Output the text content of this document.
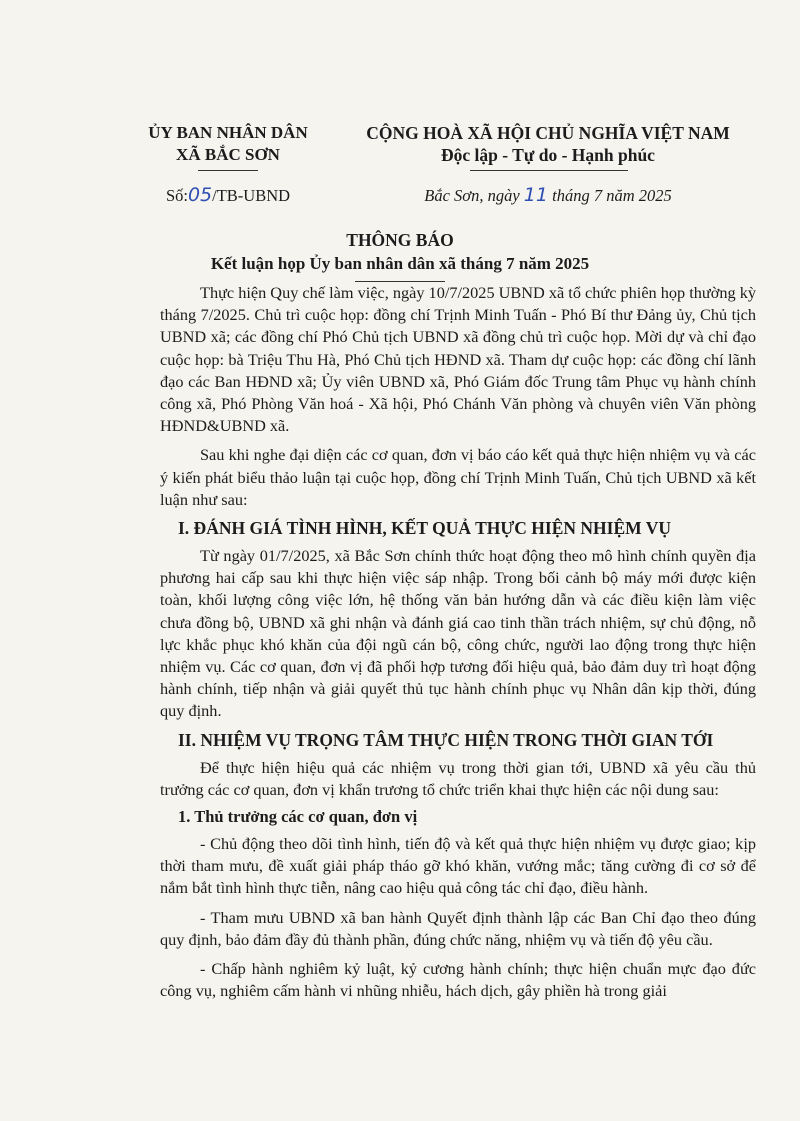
ỦY BAN NHÂN DÂN
XÃ BẮC SƠN
CỘNG HOÀ XÃ HỘI CHỦ NGHĨA VIỆT NAM
Độc lập - Tự do - Hạnh phúc
Số:05/TB-UBND	Bắc Sơn, ngày 11 tháng 7 năm 2025
THÔNG BÁO
Kết luận họp Ủy ban nhân dân xã tháng 7 năm 2025

Thực hiện Quy chế làm việc, ngày 10/7/2025 UBND xã tổ chức phiên họp thường kỳ tháng 7/2025. Chủ trì cuộc họp: đồng chí Trịnh Minh Tuấn - Phó Bí thư Đảng ủy, Chủ tịch UBND xã; các đồng chí Phó Chủ tịch UBND xã đồng chủ trì cuộc họp. Mời dự và chỉ đạo cuộc họp: bà Triệu Thu Hà, Phó Chủ tịch HĐND xã. Tham dự cuộc họp: các đồng chí lãnh đạo các Ban HĐND xã; Ủy viên UBND xã, Phó Giám đốc Trung tâm Phục vụ hành chính công xã, Phó Phòng Văn hoá - Xã hội, Phó Chánh Văn phòng và chuyên viên Văn phòng HĐND&UBND xã.

Sau khi nghe đại diện các cơ quan, đơn vị báo cáo kết quả thực hiện nhiệm vụ và các ý kiến phát biểu thảo luận tại cuộc họp, đồng chí Trịnh Minh Tuấn, Chủ tịch UBND xã kết luận như sau:

I. ĐÁNH GIÁ TÌNH HÌNH, KẾT QUẢ THỰC HIỆN NHIỆM VỤ

Từ ngày 01/7/2025, xã Bắc Sơn chính thức hoạt động theo mô hình chính quyền địa phương hai cấp sau khi thực hiện việc sáp nhập. Trong bối cảnh bộ máy mới được kiện toàn, khối lượng công việc lớn, hệ thống văn bản hướng dẫn và các điều kiện làm việc chưa đồng bộ, UBND xã ghi nhận và đánh giá cao tinh thần trách nhiệm, sự chủ động, nỗ lực khắc phục khó khăn của đội ngũ cán bộ, công chức, người lao động trong thực hiện nhiệm vụ. Các cơ quan, đơn vị đã phối hợp tương đối hiệu quả, bảo đảm duy trì hoạt động hành chính, tiếp nhận và giải quyết thủ tục hành chính phục vụ Nhân dân kịp thời, đúng quy định.

II. NHIỆM VỤ TRỌNG TÂM THỰC HIỆN TRONG THỜI GIAN TỚI

Để thực hiện hiệu quả các nhiệm vụ trong thời gian tới, UBND xã yêu cầu thủ trưởng các cơ quan, đơn vị khẩn trương tổ chức triển khai thực hiện các nội dung sau:

1. Thủ trưởng các cơ quan, đơn vị

- Chủ động theo dõi tình hình, tiến độ và kết quả thực hiện nhiệm vụ được giao; kịp thời tham mưu, đề xuất giải pháp tháo gỡ khó khăn, vướng mắc; tăng cường đi cơ sở để nắm bắt tình hình thực tiễn, nâng cao hiệu quả công tác chỉ đạo, điều hành.

- Tham mưu UBND xã ban hành Quyết định thành lập các Ban Chỉ đạo theo đúng quy định, bảo đảm đầy đủ thành phần, đúng chức năng, nhiệm vụ và tiến độ yêu cầu.

- Chấp hành nghiêm kỷ luật, kỷ cương hành chính; thực hiện chuẩn mực đạo đức công vụ, nghiêm cấm hành vi nhũng nhiễu, hách dịch, gây phiền hà trong giải
